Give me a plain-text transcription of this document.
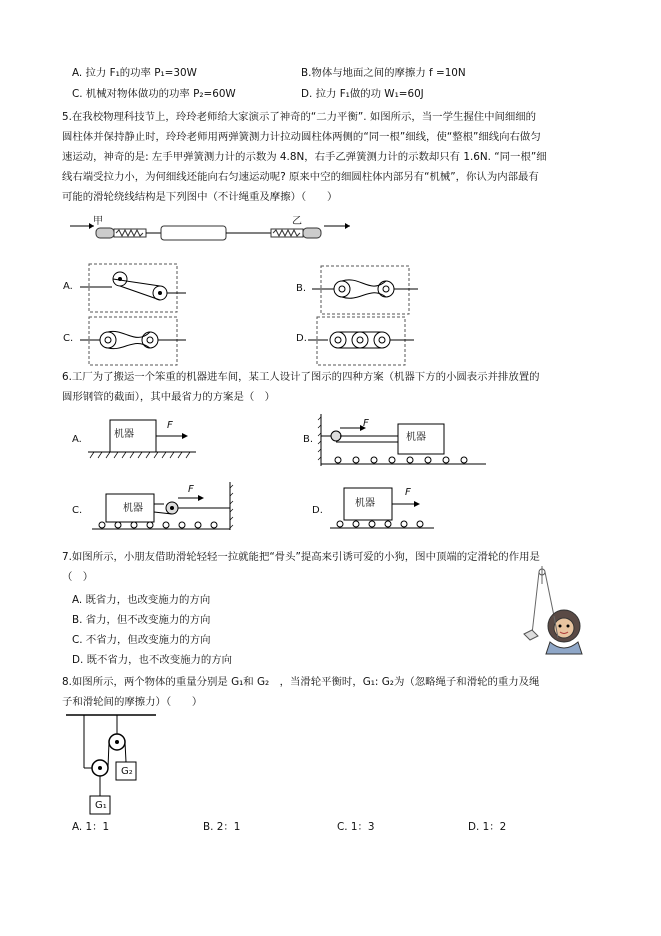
A. 拉力 F₁的功率 P₁=30W	B.物体与地面之间的摩擦力 f =10N
C. 机械对物体做功的功率 P₂=60W	D. 拉力 F₁做的功 W₁=60J
5.在我校物理科技节上，玲玲老师给大家演示了神奇的“二力平衡”. 如图所示，当一学生握住中间细细的
圆柱体并保持静止时，玲玲老师用两弹簧测力计拉动圆柱体两侧的“同一根”细线，使“整根”细线向右做匀
速运动，神奇的是: 左手甲弹簧测力计的示数为 4.8N，右手乙弹簧测力计的示数却只有 1.6N. “同一根”细
线右端受拉力小，为何细线还能向右匀速运动呢? 原来中空的细圆柱体内部另有“机械”，你认为内部最有
可能的滑轮绕线结构是下列图中（不计绳重及摩擦）（　　）
甲	乙
A.	B.
C.	D.
6.工厂为了搬运一个笨重的机器进车间，某工人设计了图示的四种方案（机器下方的小圆表示并排放置的
圆形钢管的截面），其中最省力的方案是（　）
A.	机器
F
B.	机器
F
C.	机器
F
D.
机器
F
7.如图所示，小朋友借助滑轮轻轻一拉就能把“骨头”提高来引诱可爱的小狗，图中顶端的定滑轮的作用是
（　）
A. 既省力，也改变施力的方向
B. 省力，但不改变施力的方向
C. 不省力，但改变施力的方向
D. 既不省力，也不改变施力的方向
8.如图所示，两个物体的重量分别是 G₁和 G₂　，当滑轮平衡时，G₁: G₂为（忽略绳子和滑轮的重力及绳
子和滑轮间的摩擦力）（　　）
G₂
G₁
A. 1：1	B. 2：1	C. 1：3	D. 1：2
